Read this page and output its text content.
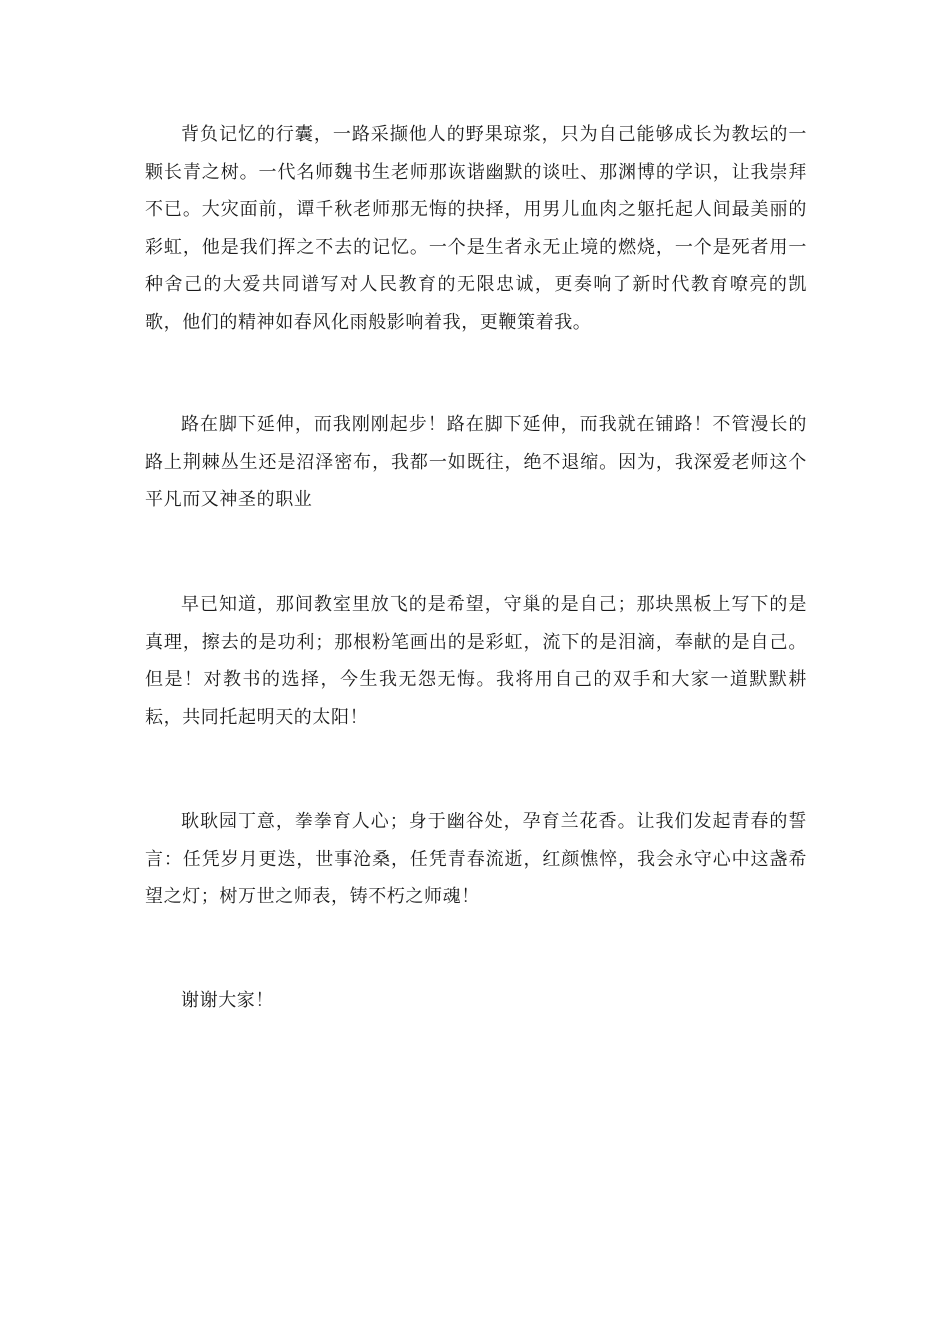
背负记忆的行囊，一路采撷他人的野果琼浆，只为自己能够成长为教坛的一颗长青之树。一代名师魏书生老师那诙谐幽默的谈吐、那渊博的学识，让我崇拜不已。大灾面前，谭千秋老师那无悔的抉择，用男儿血肉之躯托起人间最美丽的彩虹，他是我们挥之不去的记忆。一个是生者永无止境的燃烧，一个是死者用一种舍己的大爱共同谱写对人民教育的无限忠诚，更奏响了新时代教育嘹亮的凯歌，他们的精神如春风化雨般影响着我，更鞭策着我。

路在脚下延伸，而我刚刚起步！路在脚下延伸，而我就在铺路！不管漫长的路上荆棘丛生还是沼泽密布，我都一如既往，绝不退缩。因为，我深爱老师这个平凡而又神圣的职业

早已知道，那间教室里放飞的是希望，守巢的是自己；那块黑板上写下的是真理，擦去的是功利；那根粉笔画出的是彩虹，流下的是泪滴，奉献的是自己。但是！对教书的选择，今生我无怨无悔。我将用自己的双手和大家一道默默耕耘，共同托起明天的太阳！

耿耿园丁意，拳拳育人心；身于幽谷处，孕育兰花香。让我们发起青春的誓言：任凭岁月更迭，世事沧桑，任凭青春流逝，红颜憔悴，我会永守心中这盏希望之灯；树万世之师表，铸不朽之师魂！

谢谢大家！
